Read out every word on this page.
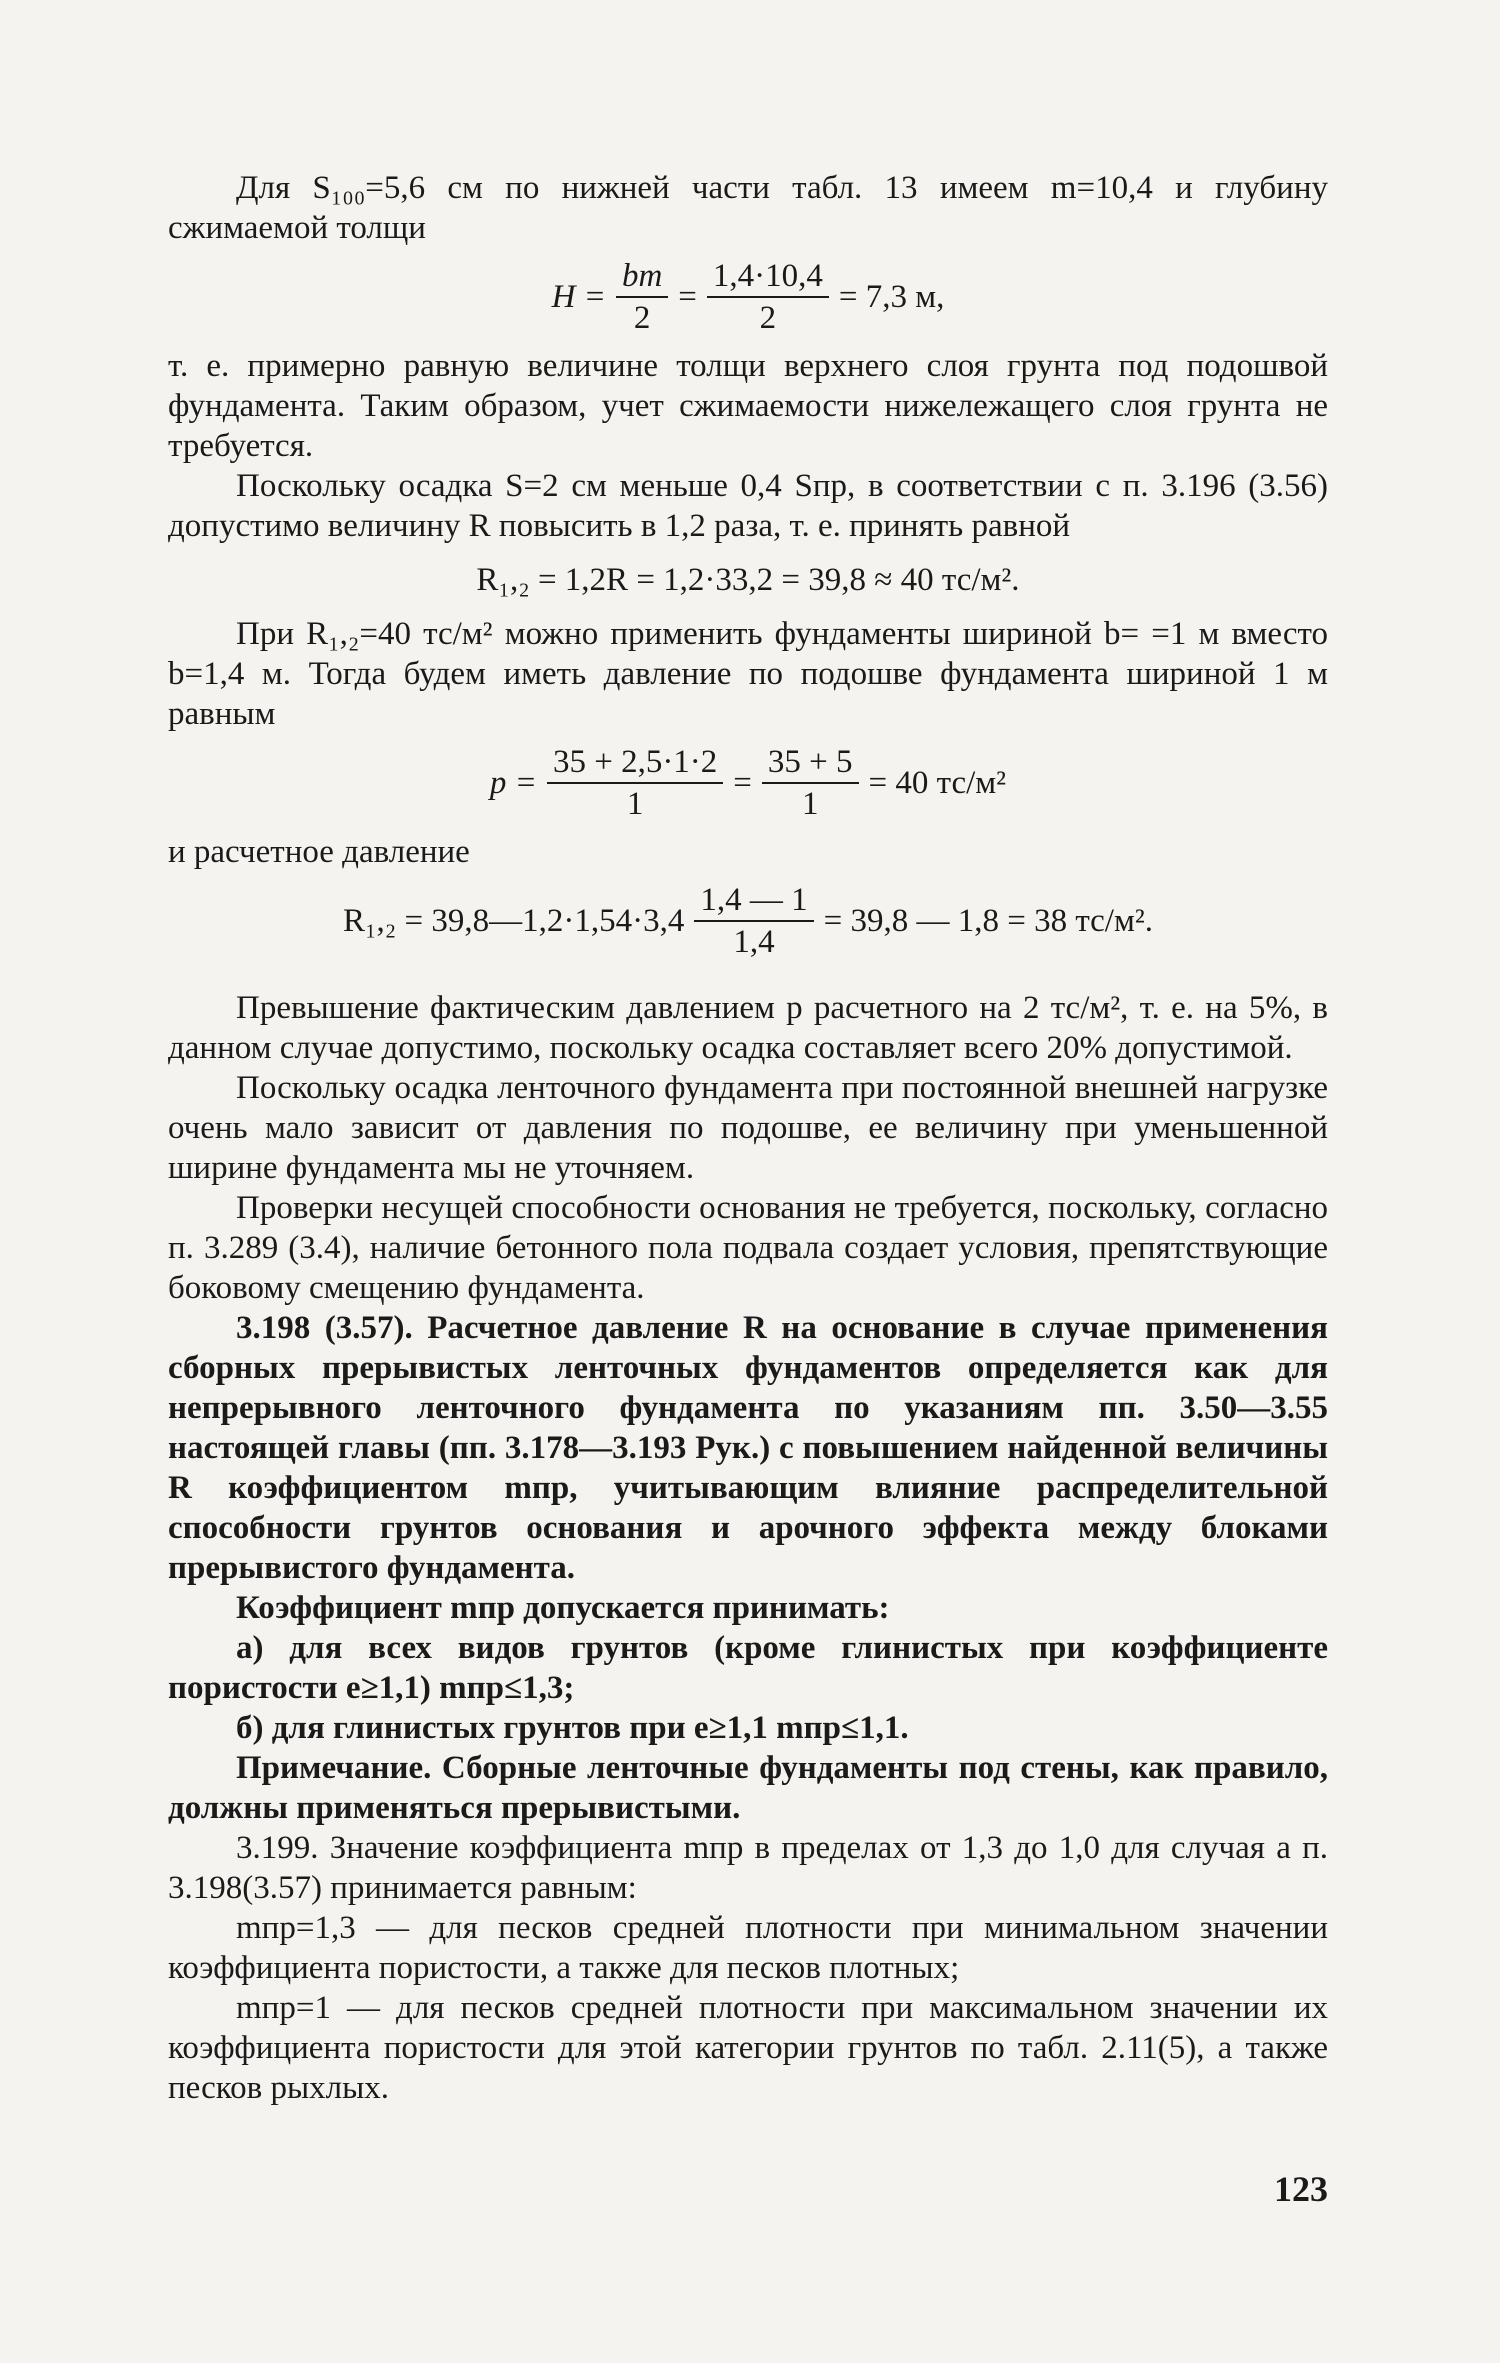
Для S₁₀₀=5,6 см по нижней части табл. 13 имеем m=10,4 и глубину сжимаемой толщи

$H = \frac{bm}{2} = \frac{1,4\cdot 10,4}{2} = 7,3$ м,

т. е. примерно равную величине толщи верхнего слоя грунта под подошвой фундамента. Таким образом, учет сжимаемости нижележащего слоя грунта не требуется.

Поскольку осадка S=2 см меньше 0,4 Sпр, в соответствии с п. 3.196 (3.56) допустимо величину R повысить в 1,2 раза, т. е. принять равной

R₁,₂ = 1,2R = 1,2·33,2 = 39,8 ≈ 40 тс/м².

При R₁,₂=40 тс/м² можно применить фундаменты шириной b= =1 м вместо b=1,4 м. Тогда будем иметь давление по подошве фундамента шириной 1 м равным

$p = \frac{35 + 2,5\cdot 1\cdot 2}{1} = \frac{35 + 5}{1} = 40$ тс/м²

и расчетное давление

R₁,₂ = 39,8—1,2·1,54·3,4 $\frac{1,4 — 1}{1,4} = 39,8$ — 1,8 = 38 тс/м².

Превышение фактическим давлением p расчетного на 2 тс/м², т. е. на 5%, в данном случае допустимо, поскольку осадка составляет всего 20% допустимой.

Поскольку осадка ленточного фундамента при постоянной внешней нагрузке очень мало зависит от давления по подошве, ее величину при уменьшенной ширине фундамента мы не уточняем.

Проверки несущей способности основания не требуется, поскольку, согласно п. 3.289 (3.4), наличие бетонного пола подвала создает условия, препятствующие боковому смещению фундамента.

3.198 (3.57). Расчетное давление R на основание в случае применения сборных прерывистых ленточных фундаментов определяется как для непрерывного ленточного фундамента по указаниям пп. 3.50—3.55 настоящей главы (пп. 3.178—3.193 Рук.) с повышением найденной величины R коэффициентом mпр, учитывающим влияние распределительной способности грунтов основания и арочного эффекта между блоками прерывистого фундамента.

Коэффициент mпр допускается принимать:

а) для всех видов грунтов (кроме глинистых при коэффициенте пористости e≥1,1) mпр≤1,3;

б) для глинистых грунтов при e≥1,1 mпр≤1,1.

Примечание. Сборные ленточные фундаменты под стены, как правило, должны применяться прерывистыми.

3.199. Значение коэффициента mпр в пределах от 1,3 до 1,0 для случая a п. 3.198(3.57) принимается равным:

mпр=1,3 — для песков средней плотности при минимальном значении коэффициента пористости, а также для песков плотных;

mпр=1 — для песков средней плотности при максимальном значении их коэффициента пористости для этой категории грунтов по табл. 2.11(5), а также песков рыхлых.

123
